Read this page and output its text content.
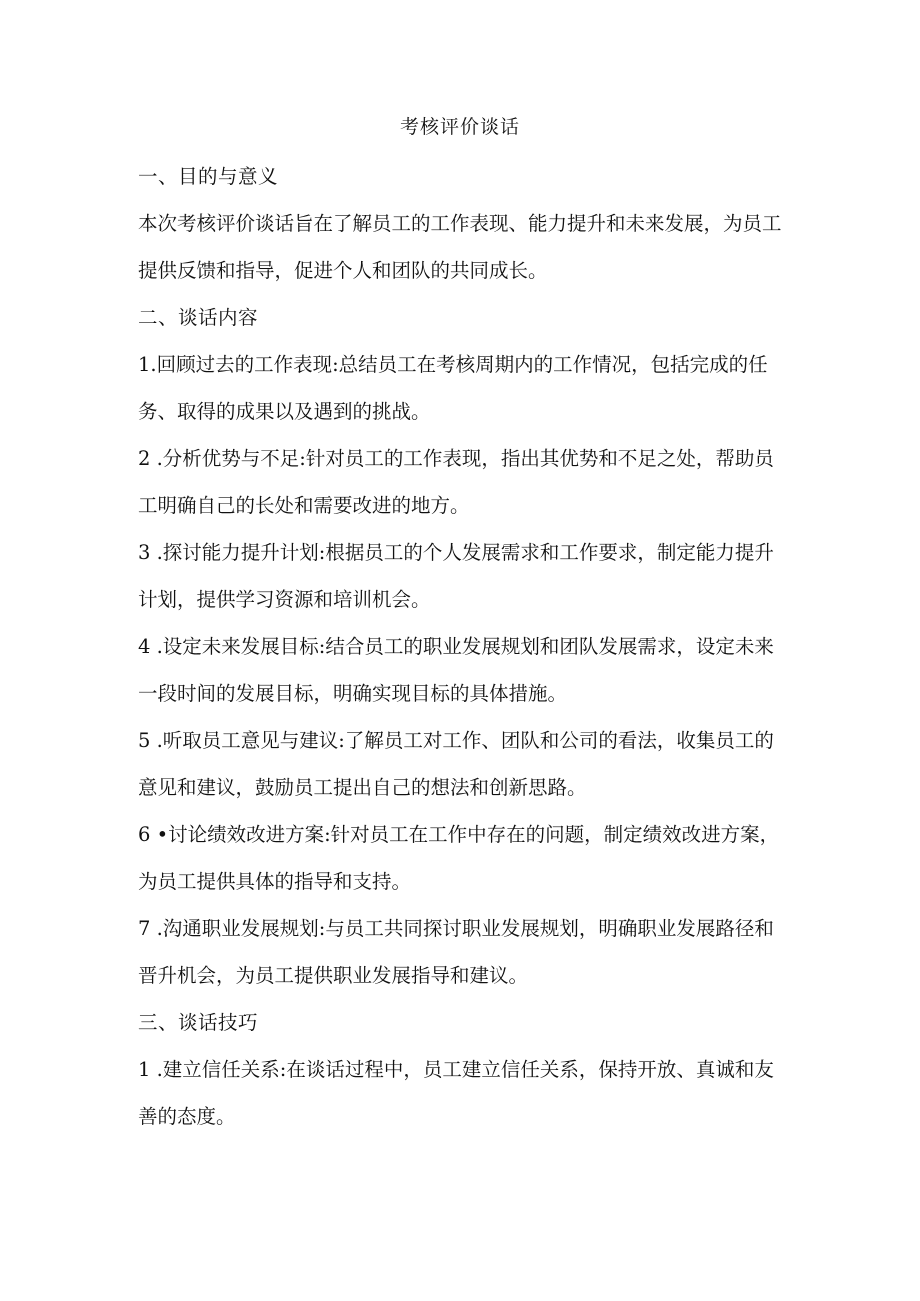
考核评价谈话

一、目的与意义

本次考核评价谈话旨在了解员工的工作表现、能力提升和未来发展，为员工提供反馈和指导，促进个人和团队的共同成长。

二、谈话内容

1.回顾过去的工作表现:总结员工在考核周期内的工作情况，包括完成的任务、取得的成果以及遇到的挑战。

2 .分析优势与不足:针对员工的工作表现，指出其优势和不足之处，帮助员工明确自己的长处和需要改进的地方。

3 .探讨能力提升计划:根据员工的个人发展需求和工作要求，制定能力提升计划，提供学习资源和培训机会。

4 .设定未来发展目标:结合员工的职业发展规划和团队发展需求，设定未来一段时间的发展目标，明确实现目标的具体措施。

5 .听取员工意见与建议:了解员工对工作、团队和公司的看法，收集员工的意见和建议，鼓励员工提出自己的想法和创新思路。

6 •讨论绩效改进方案:针对员工在工作中存在的问题，制定绩效改进方案，为员工提供具体的指导和支持。

7 .沟通职业发展规划:与员工共同探讨职业发展规划，明确职业发展路径和晋升机会，为员工提供职业发展指导和建议。

三、谈话技巧

1 .建立信任关系:在谈话过程中，员工建立信任关系，保持开放、真诚和友善的态度。
